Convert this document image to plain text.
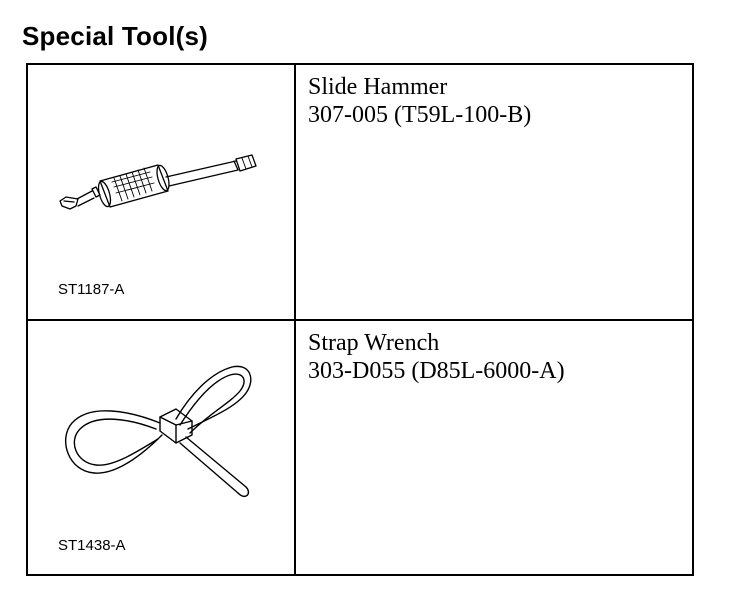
Special Tool(s)
ST1187-A
Slide Hammer
307-005 (T59L-100-B)
ST1438-A
Strap Wrench
303-D055 (D85L-6000-A)
